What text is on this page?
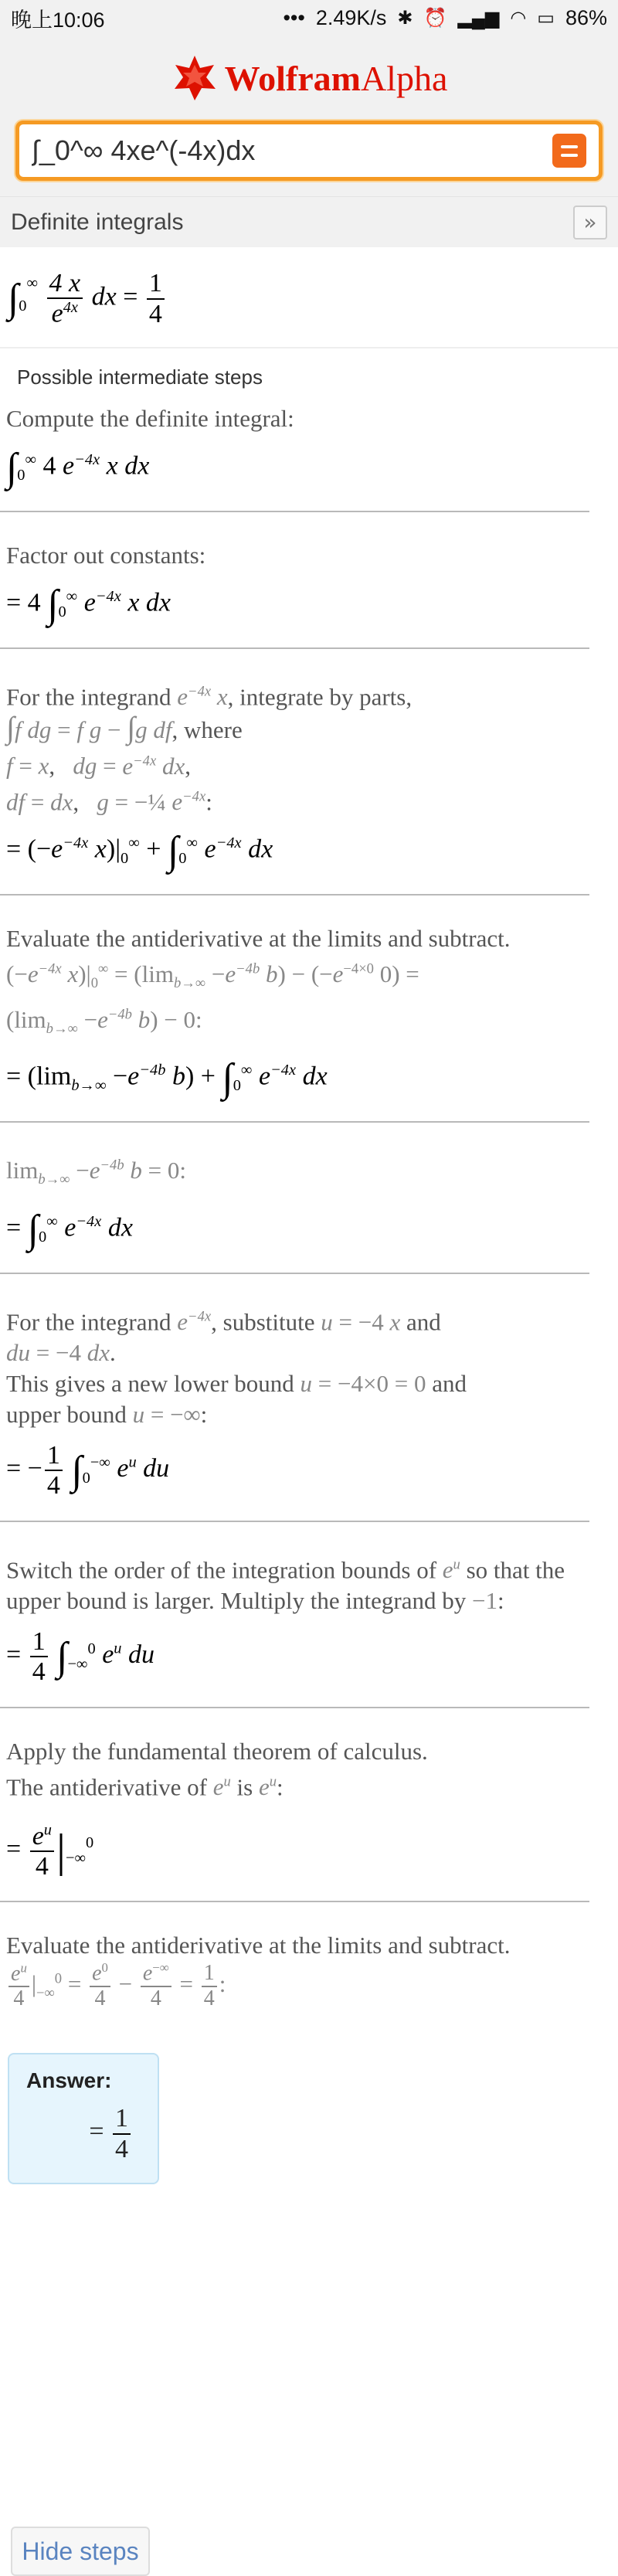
晚上10:06	••• 2.49K/s ✱ ⏰ ▂▄▆ ◠ ▭ 86%
WolframAlpha
∫_0^∞ 4xe^(-4x)dx
Definite integrals	»
$\int_0^\infty \frac{4 x}{e^{4x}}$ dx = $\frac{1}{4}$
Possible intermediate steps
Compute the definite integral:
$\int_0^\infty$ 4 $e^{-4x}$ x dx
Factor out constants:
= 4 $\int_0^\infty$ $e^{-4x}$ x dx
For the integrand $e^{-4x}$ x, integrate by parts,
∫f dg = f g − ∫g df, where
f = x,   dg = $e^{-4x}$ dx,
df = dx,   g = −¼ $e^{-4x}$:
= ($-e^{-4x}$ $x)|_0^\infty + \int_0^\infty$ $e^{-4x}$ dx
Evaluate the antiderivative at the limits and subtract.
($-e^{-4x}$ $x)|_0^\infty = (\lim_{b\to\infty} -e^{-4b}$ $b) - (-e^{-4\times 0}$ 0) =
($\lim_{b\to\infty} -e^{-4b}$ b) − 0:
= ($\lim_{b\to\infty} -e^{-4b}$ $b) + \int_0^\infty$ $e^{-4x}$ dx
$\lim_{b\to\infty} -e^{-4b}$ b = 0:
= $\int_0^\infty$ $e^{-4x}$ dx
For the integrand $e^{-4x}$, substitute u = −4 x and
du = −4 dx.
This gives a new lower bound u = −4×0 = 0 and
upper bound u = −∞:
= − $\frac{1}{4} \int_0^{-\infty}$ $e^u$ du
Switch the order of the integration bounds of $e^u$ so that the upper bound is larger. Multiply the integrand by −1:
= $\frac{1}{4} \int_{-\infty}^0$ $e^u$ du
Apply the fundamental theorem of calculus.
The antiderivative of $e^u$ is $e^u$:
= $\frac{e^u}{4} |_{-\infty}^0$
Evaluate the antiderivative at the limits and subtract.

$\frac{e^u}{4} |_{-\infty}^0 = \frac{e^0}{4} - \frac{e^{-\infty}}{4} = \frac{1}{4}$ :
Answer:
= $\frac{1}{4}$
Hide steps
